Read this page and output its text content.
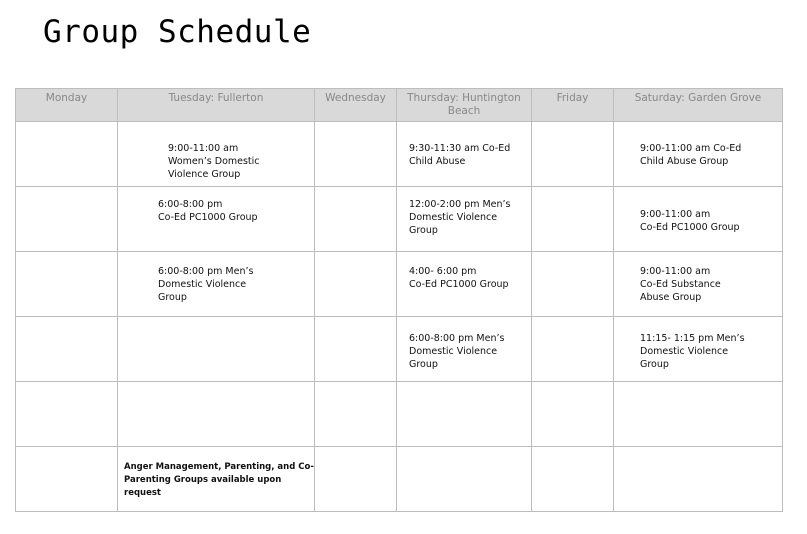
Group Schedule
Monday	Tuesday: Fullerton	Wednesday	Thursday: Huntington Beach	Friday	Saturday: Garden Grove

	9:00-11:00 am
Women’s Domestic
Violence Group		9:30-11:30 am Co-Ed
Child Abuse		9:00-11:00 am Co-Ed
Child Abuse Group

	6:00-8:00 pm
Co-Ed PC1000 Group		12:00-2:00 pm Men’s
Domestic Violence
Group		9:00-11:00 am
Co-Ed PC1000 Group

	6:00-8:00 pm Men’s
Domestic Violence
Group		4:00- 6:00 pm
Co-Ed PC1000 Group		9:00-11:00 am
Co-Ed Substance
Abuse Group

			6:00-8:00 pm Men’s
Domestic Violence
Group		11:15- 1:15 pm Men’s
Domestic Violence
Group

	Anger Management, Parenting, and Co-
Parenting Groups available upon request				
